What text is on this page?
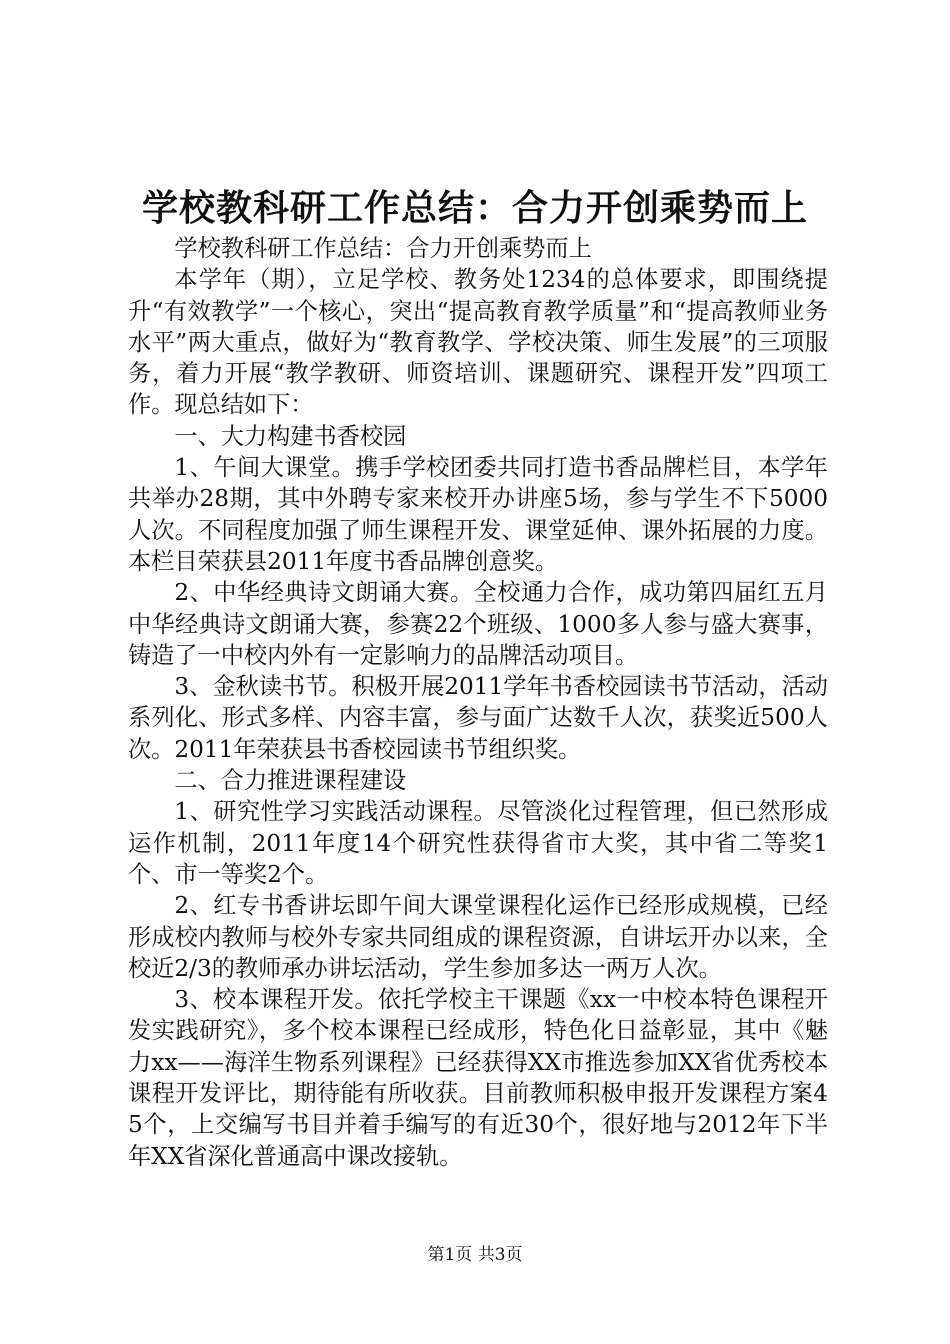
学校教科研工作总结：合力开创乘势而上

学校教科研工作总结：合力开创乘势而上

本学年（期），立足学校、教务处1234的总体要求，即围绕提升“有效教学”一个核心，突出“提高教育教学质量”和“提高教师业务水平”两大重点，做好为“教育教学、学校决策、师生发展”的三项服务，着力开展“教学教研、师资培训、课题研究、课程开发”四项工作。现总结如下：

一、大力构建书香校园

1、午间大课堂。携手学校团委共同打造书香品牌栏目，本学年共举办28期，其中外聘专家来校开办讲座5场，参与学生不下5000人次。不同程度加强了师生课程开发、课堂延伸、课外拓展的力度。本栏目荣获县2011年度书香品牌创意奖。

2、中华经典诗文朗诵大赛。全校通力合作，成功第四届红五月中华经典诗文朗诵大赛，参赛22个班级、1000多人参与盛大赛事，铸造了一中校内外有一定影响力的品牌活动项目。

3、金秋读书节。积极开展2011学年书香校园读书节活动，活动系列化、形式多样、内容丰富，参与面广达数千人次，获奖近500人次。2011年荣获县书香校园读书节组织奖。

二、合力推进课程建设

1、研究性学习实践活动课程。尽管淡化过程管理，但已然形成运作机制，2011年度14个研究性获得省市大奖，其中省二等奖1个、市一等奖2个。

2、红专书香讲坛即午间大课堂课程化运作已经形成规模，已经形成校内教师与校外专家共同组成的课程资源，自讲坛开办以来，全校近2/3的教师承办讲坛活动，学生参加多达一两万人次。

3、校本课程开发。依托学校主干课题《xx一中校本特色课程开发实践研究》，多个校本课程已经成形，特色化日益彰显，其中《魅力xx——海洋生物系列课程》已经获得XX市推选参加XX省优秀校本课程开发评比，期待能有所收获。目前教师积极申报开发课程方案45个，上交编写书目并着手编写的有近30个，很好地与2012年下半年XX省深化普通高中课改接轨。

第1页 共3页
